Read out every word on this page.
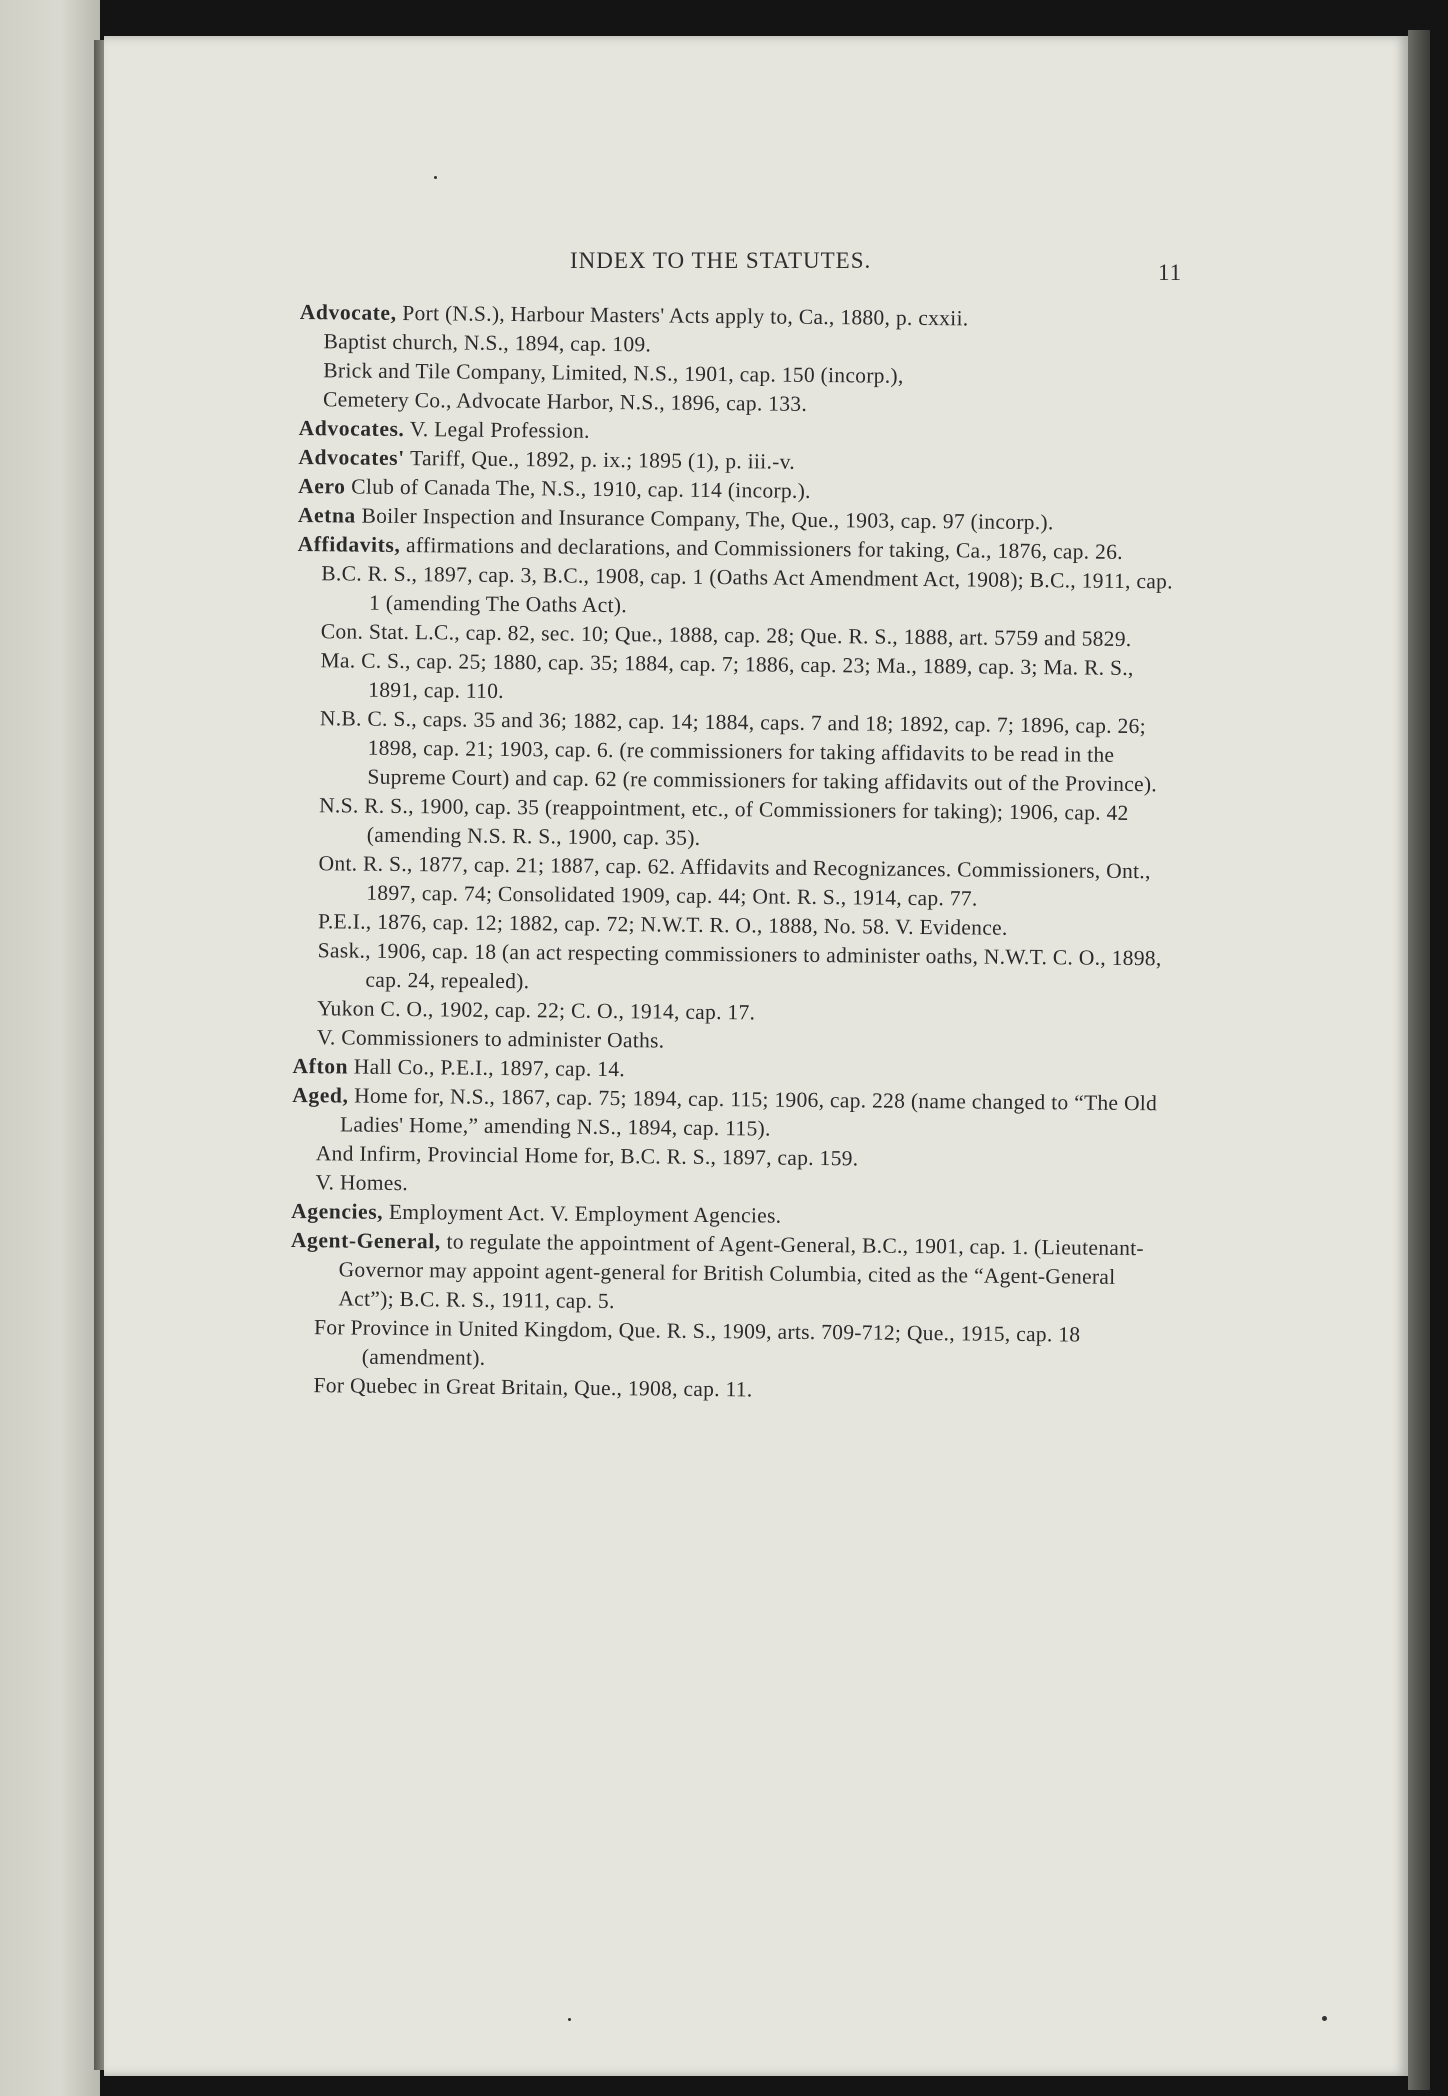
INDEX TO THE STATUTES.	11

Advocate, Port (N.S.), Harbour Masters' Acts apply to, Ca., 1880, p. cxxii.

Baptist church, N.S., 1894, cap. 109.

Brick and Tile Company, Limited, N.S., 1901, cap. 150 (incorp.),

Cemetery Co., Advocate Harbor, N.S., 1896, cap. 133.

Advocates. V. Legal Profession.

Advocates' Tariff, Que., 1892, p. ix.; 1895 (1), p. iii.-v.

Aero Club of Canada The, N.S., 1910, cap. 114 (incorp.).

Aetna Boiler Inspection and Insurance Company, The, Que., 1903, cap. 97 (incorp.).

Affidavits, affirmations and declarations, and Commissioners for taking, Ca., 1876, cap. 26.

B.C. R. S., 1897, cap. 3, B.C., 1908, cap. 1 (Oaths Act Amendment Act, 1908); B.C., 1911, cap. 1 (amending The Oaths Act).

Con. Stat. L.C., cap. 82, sec. 10; Que., 1888, cap. 28; Que. R. S., 1888, art. 5759 and 5829.

Ma. C. S., cap. 25; 1880, cap. 35; 1884, cap. 7; 1886, cap. 23; Ma., 1889, cap. 3; Ma. R. S., 1891, cap. 110.

N.B. C. S., caps. 35 and 36; 1882, cap. 14; 1884, caps. 7 and 18; 1892, cap. 7; 1896, cap. 26; 1898, cap. 21; 1903, cap. 6. (re commissioners for taking affidavits to be read in the Supreme Court) and cap. 62 (re commissioners for taking affidavits out of the Province).

N.S. R. S., 1900, cap. 35 (reappointment, etc., of Commissioners for taking); 1906, cap. 42 (amending N.S. R. S., 1900, cap. 35).

Ont. R. S., 1877, cap. 21; 1887, cap. 62. Affidavits and Recognizances. Commissioners, Ont., 1897, cap. 74; Consolidated 1909, cap. 44; Ont. R. S., 1914, cap. 77.

P.E.I., 1876, cap. 12; 1882, cap. 72; N.W.T. R. O., 1888, No. 58. V. Evidence.

Sask., 1906, cap. 18 (an act respecting commissioners to administer oaths, N.W.T. C. O., 1898, cap. 24, repealed).

Yukon C. O., 1902, cap. 22; C. O., 1914, cap. 17.

V. Commissioners to administer Oaths.

Afton Hall Co., P.E.I., 1897, cap. 14.

Aged, Home for, N.S., 1867, cap. 75; 1894, cap. 115; 1906, cap. 228 (name changed to “The Old Ladies' Home,” amending N.S., 1894, cap. 115).

And Infirm, Provincial Home for, B.C. R. S., 1897, cap. 159.

V. Homes.

Agencies, Employment Act. V. Employment Agencies.

Agent-General, to regulate the appointment of Agent-General, B.C., 1901, cap. 1. (Lieutenant-Governor may appoint agent-general for British Columbia, cited as the “Agent-General Act”); B.C. R. S., 1911, cap. 5.

For Province in United Kingdom, Que. R. S., 1909, arts. 709-712; Que., 1915, cap. 18 (amendment).

For Quebec in Great Britain, Que., 1908, cap. 11.
